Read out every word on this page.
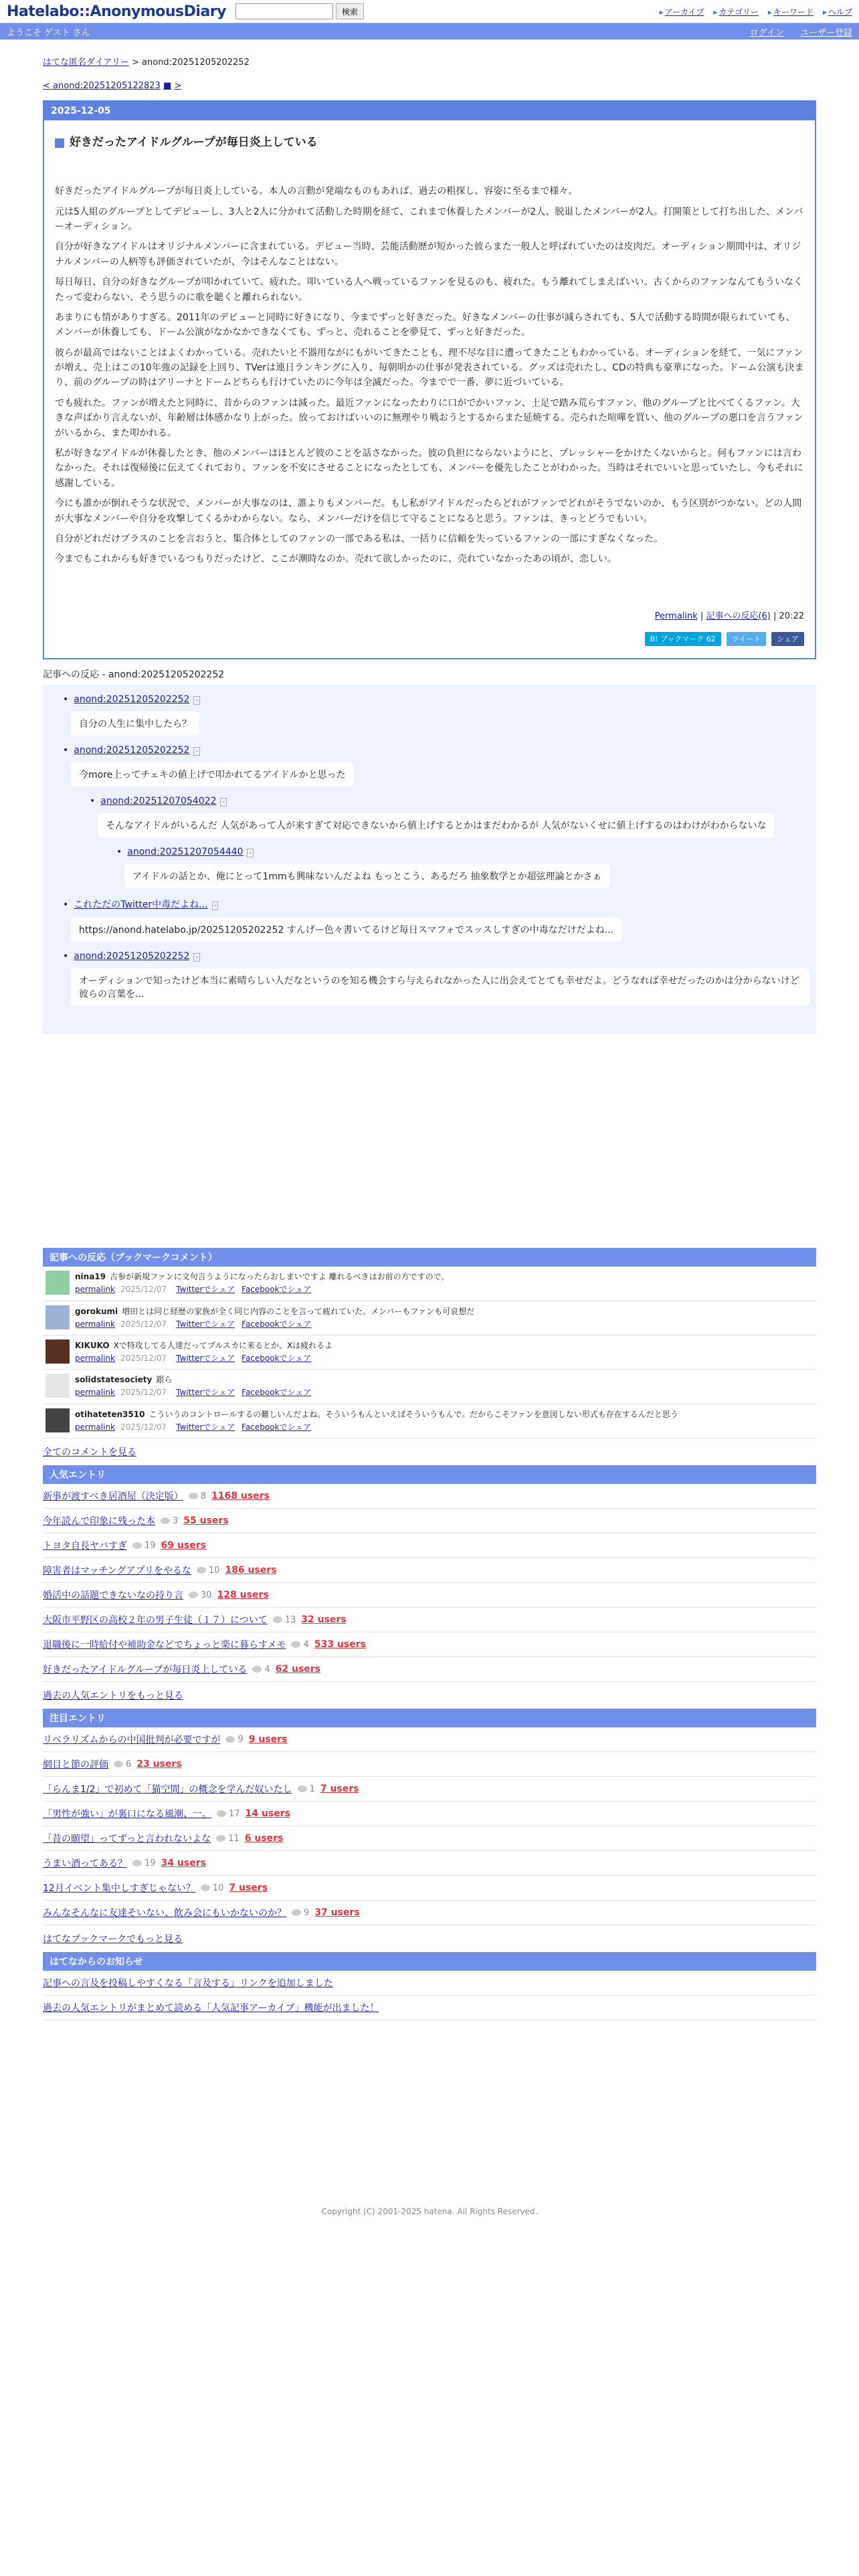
Hatelabo::AnonymousDiary	検索	▸ アーカイブ	▸ カテゴリー	▸ キーワード	▸ ヘルプ
ようこそ ゲスト さん	ログイン ユーザー登録
はてな匿名ダイアリー > anond:20251205202252
< anond:20251205122823 ■ >
2025-12-05
好きだったアイドルグループが毎日炎上している

好きだったアイドルグループが毎日炎上している。本人の言動が発端なものもあれば、過去の粗探し、容姿に至るまで様々。

元は5人組のグループとしてデビューし、3人と2人に分かれて活動した時期を経て、これまで休養したメンバーが2人、脱退したメンバーが2人。打開策として打ち出した、メンバーオーディション。

自分が好きなアイドルはオリジナルメンバーに含まれている。デビュー当時、芸能活動歴が短かった彼らまた一般人と呼ばれていたのは皮肉だ。オーディション期間中は、オリジナルメンバーの人柄等も評価されていたが、今はそんなことはない。

毎日毎日、自分の好きなグループが叩かれていて、疲れた。叩いている人へ戦っているファンを見るのも、疲れた。もう離れてしまえばいい。古くからのファンなんてもういなくたって変わらない、そう思うのに歌を聴くと離れられない。

あまりにも情がありすぎる。2011年のデビューと同時に好きになり、今までずっと好きだった。好きなメンバーの仕事が減らされても、5人で活動する時間が限られていても、メンバーが休養しても、ドーム公演がなかなかできなくても、ずっと、売れることを夢見て、ずっと好きだった。

彼らが最高ではないことはよくわかっている。売れたいと不器用ながにもがいてきたことも、理不尽な目に遭ってきたこともわかっている。オーディションを経て、一気にファンが増え、売上はこの10年強の記録を上回り、TVerは連日ランキングに入り、毎朝明かの仕事が発表されている。グッズは売れたし、CDの特典も豪華になった。ドーム公演も決まり、前のグループの時はアリーナとドームどちらも行けていたのに今年は全滅だった。今までで一番、夢に近づいている。

でも疲れた。ファンが増えたと同時に、昔からのファンは減った。最近ファンになったわりに口がでかいファン、土足で踏み荒らすファン、他のグループと比べてくるファン。大きな声ばかり言えないが、年齢層は体感かなり上がった。放っておけばいいのに無理やり戦おうとするからまた延焼する。売られた喧嘩を買い、他のグループの悪口を言うファンがいるから、また叩かれる。

私が好きなアイドルが休養したとき、他のメンバーはほとんど彼のことを話さなかった。彼の負担にならないようにと、プレッシャーをかけたくないからと。何もファンには言わなかった。それは復帰後に伝えてくれており、ファンを不安にさせることになったとしても、メンバーを優先したことがわかった。当時はそれでいいと思っていたし、今もそれに感謝している。

今にも誰かが倒れそうな状況で、メンバーが大事なのは、誰よりもメンバーだ。もし私がアイドルだったらどれがファンでどれがそうでないのか、もう区別がつかない。どの人間が大事なメンバーや自分を攻撃してくるかわからない。なら、メンバーだけを信じて守ることになると思う。ファンは、きっとどうでもいい。

自分がどれだけプラスのことを言おうと、集合体としてのファンの一部である私は、一括りに信頼を失っているファンの一部にすぎなくなった。

今までもこれからも好きでいるつもりだったけど、ここが潮時なのか。売れて欲しかったのに、売れていなかったあの頃が、恋しい。

Permalink | 記事への反応(6) | 20:22
B! ブックマーク 62	ツイート	シェア
記事への反応 - anond:20251205202252
• anond:20251205202252 -
自分の人生に集中したら？
• anond:20251205202252 -
今more上ってチェキの値上げで叩かれてるアイドルかと思った
• anond:20251207054022 -
そんなアイドルがいるんだ 人気があって人が来すぎて対応できないから値上げするとかはまだわかるが 人気がないくせに値上げするのはわけがわからないな
• anond:20251207054440 -
アイドルの話とか、俺にとって1mmも興味ないんだよね もっとこう、あるだろ 抽象数学とか超弦理論とかさぁ
• これただのTwitter中毒だよね... -
https://anond.hatelabo.jp/20251205202252 すんげー色々書いてるけど毎日スマフォでスッスしすぎの中毒なだけだよね...
• anond:20251205202252 -
オーディションで知ったけど本当に素晴らしい人だなというのを知る機会すら与えられなかった人に出会えてとても幸せだよ。どうなれば幸せだったのかは分からないけど彼らの言葉を...
記事への反応（ブックマークコメント）
nina19 古参が新規ファンに文句言うようになったらおしまいですよ 離れるべきはお前の方ですので。
permalink 2025/12/07 Twitterでシェア Facebookでシェア
gorokumi 増田とは同じ経歴の家族が全く同じ内容のことを言って疲れていた。メンバーもファンも可哀想だ
permalink 2025/12/07 Twitterでシェア Facebookでシェア
KIKUKO Xで特攻してる人達だってブルスカに来るとか、Xは疲れるよ
permalink 2025/12/07 Twitterでシェア Facebookでシェア
solidstatesociety 銀ら
permalink 2025/12/07 Twitterでシェア Facebookでシェア
otihateten3510 こういうのコントロールするの難しいんだよね。そういうもんといえばそういうもんで。だからこそファンを意図しない形式も存在するんだと思う
permalink 2025/12/07 Twitterでシェア Facebookでシェア
全てのコメントを見る
人気エントリ
新事が渡すべき居酒屋（決定版） 8 1168 users
今年読んで印象に残った本 3 55 users
トヨタ自長ヤバすぎ 19 69 users
障害者はマッチングアプリをやるな 10 186 users
婚活中の話題できないなの持り言 30 128 users
大阪市平野区の高校２年の男子生徒（１７）について 13 32 users
退職後に一時給付や補助金などでちょっと楽に暮らすメモ 4 533 users
好きだったアイドルグループが毎日炎上している 4 62 users
過去の人気エントリをもっと見る
注目エントリ
リベラリズムからの中国批判が必要ですが 9 9 users
網目と節の評価 6 23 users
「らんま1/2」で初めて「猫空間」の概念を学んだ奴いたし 1 7 users
「男性が強い」が裏口になる風潮、一。 17 14 users
「昔の願望」ってずっと言われないよな 11 6 users
うまい酒ってある？ 19 34 users
12月イベント集中しすぎじゃない？ 10 7 users
みんなそんなに友達そいない、飲み会にもいかないのか？ 9 37 users
はてなブックマークでもっと見る
はてなからのお知らせ
記事への言及を投稿しやすくなる「言及する」リンクを追加しました
過去の人気エントリがまとめて読める「人気記事アーカイブ」機能が出ました！
Copyright (C) 2001-2025 hatena. All Rights Reserved.
